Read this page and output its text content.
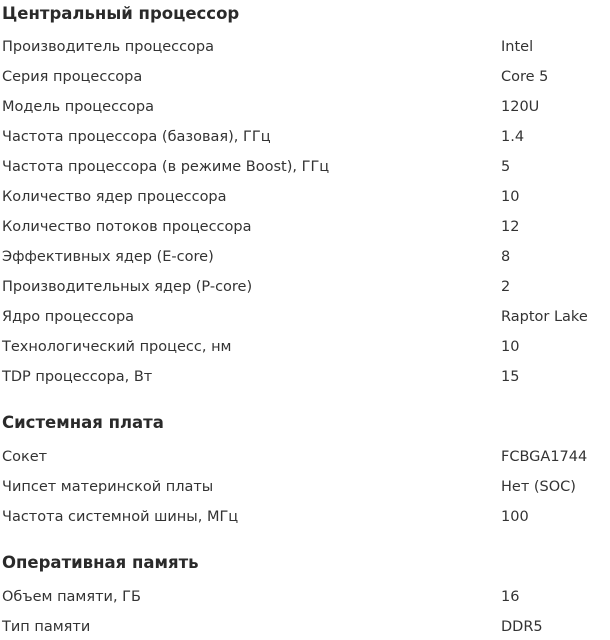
Центральный процессор
Производитель процессора	Intel
Серия процессора	Core 5
Модель процессора	120U
Частота процессора (базовая), ГГц	1.4
Частота процессора (в режиме Boost), ГГц	5
Количество ядер процессора	10
Количество потоков процессора	12
Эффективных ядер (E-core)	8
Производительных ядер (P-core)	2
Ядро процессора	Raptor Lake
Технологический процесс, нм	10
TDP процессора, Вт	15
Системная плата
Сокет	FCBGA1744
Чипсет материнской платы	Нет (SOC)
Частота системной шины, МГц	100
Оперативная память
Объем памяти, ГБ	16
Тип памяти	DDR5
